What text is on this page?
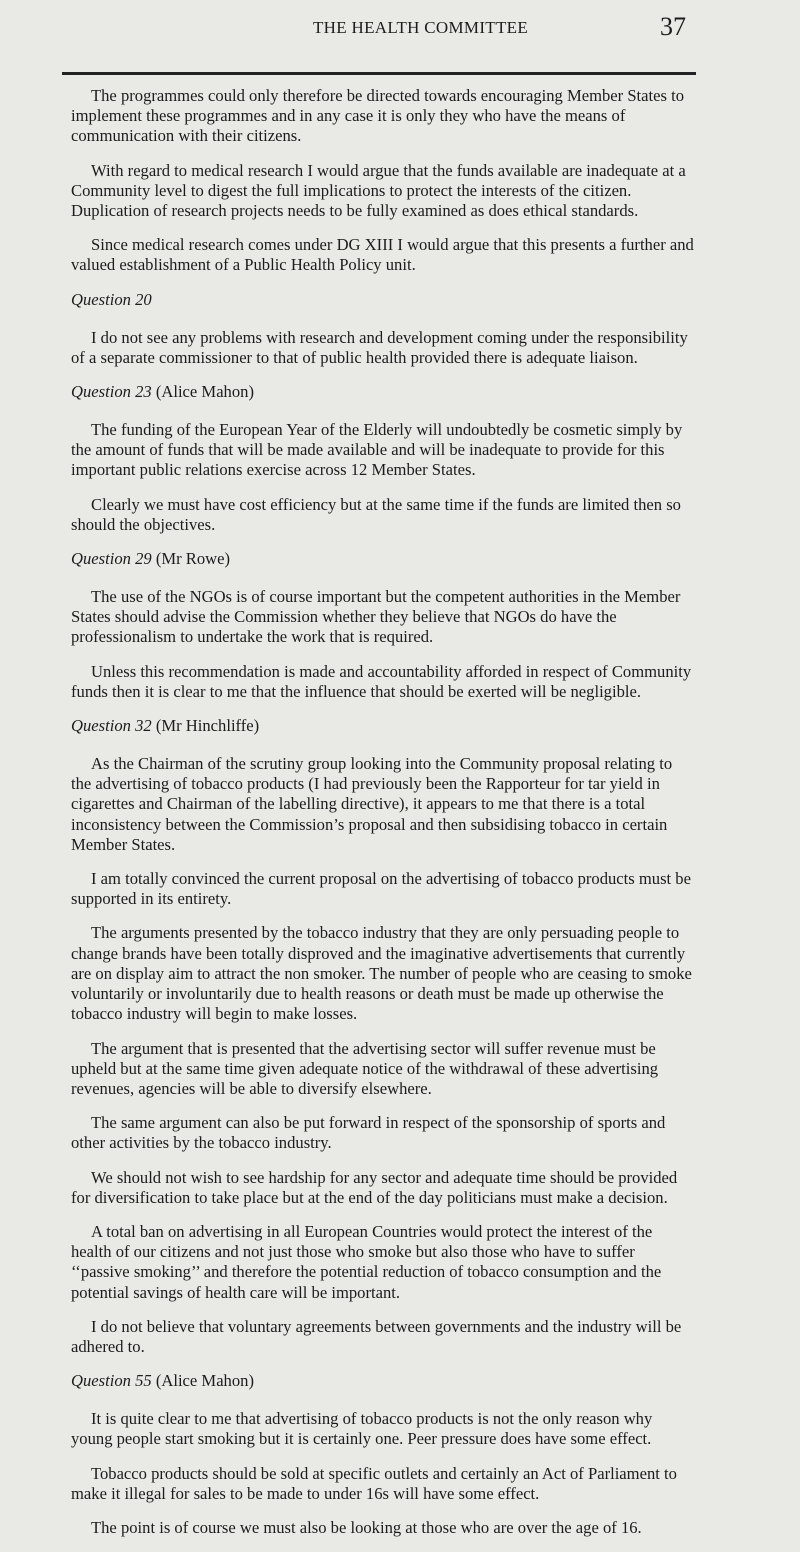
THE HEALTH COMMITTEE	37

The programmes could only therefore be directed towards encouraging Member States to implement these programmes and in any case it is only they who have the means of communication with their citizens.

With regard to medical research I would argue that the funds available are inadequate at a Community level to digest the full implications to protect the interests of the citizen. Duplication of research projects needs to be fully examined as does ethical standards.

Since medical research comes under DG XIII I would argue that this presents a further and valued establishment of a Public Health Policy unit.

Question 20

I do not see any problems with research and development coming under the responsibility of a separate commissioner to that of public health provided there is adequate liaison.

Question 23 (Alice Mahon)

The funding of the European Year of the Elderly will undoubtedly be cosmetic simply by the amount of funds that will be made available and will be inadequate to provide for this important public relations exercise across 12 Member States.

Clearly we must have cost efficiency but at the same time if the funds are limited then so should the objectives.

Question 29 (Mr Rowe)

The use of the NGOs is of course important but the competent authorities in the Member States should advise the Commission whether they believe that NGOs do have the professionalism to undertake the work that is required.

Unless this recommendation is made and accountability afforded in respect of Community funds then it is clear to me that the influence that should be exerted will be negligible.

Question 32 (Mr Hinchliffe)

As the Chairman of the scrutiny group looking into the Community proposal relating to the advertising of tobacco products (I had previously been the Rapporteur for tar yield in cigarettes and Chairman of the labelling directive), it appears to me that there is a total inconsistency between the Commission’s proposal and then subsidising tobacco in certain Member States.

I am totally convinced the current proposal on the advertising of tobacco products must be supported in its entirety.

The arguments presented by the tobacco industry that they are only persuading people to change brands have been totally disproved and the imaginative advertisements that currently are on display aim to attract the non smoker. The number of people who are ceasing to smoke voluntarily or involuntarily due to health reasons or death must be made up otherwise the tobacco industry will begin to make losses.

The argument that is presented that the advertising sector will suffer revenue must be upheld but at the same time given adequate notice of the withdrawal of these advertising revenues, agencies will be able to diversify elsewhere.

The same argument can also be put forward in respect of the sponsorship of sports and other activities by the tobacco industry.

We should not wish to see hardship for any sector and adequate time should be provided for diversification to take place but at the end of the day politicians must make a decision.

A total ban on advertising in all European Countries would protect the interest of the health of our citizens and not just those who smoke but also those who have to suffer ‘‘passive smoking’’ and therefore the potential reduction of tobacco consumption and the potential savings of health care will be important.

I do not believe that voluntary agreements between governments and the industry will be adhered to.

Question 55 (Alice Mahon)

It is quite clear to me that advertising of tobacco products is not the only reason why young people start smoking but it is certainly one. Peer pressure does have some effect.

Tobacco products should be sold at specific outlets and certainly an Act of Parliament to make it illegal for sales to be made to under 16s will have some effect.

The point is of course we must also be looking at those who are over the age of 16.
